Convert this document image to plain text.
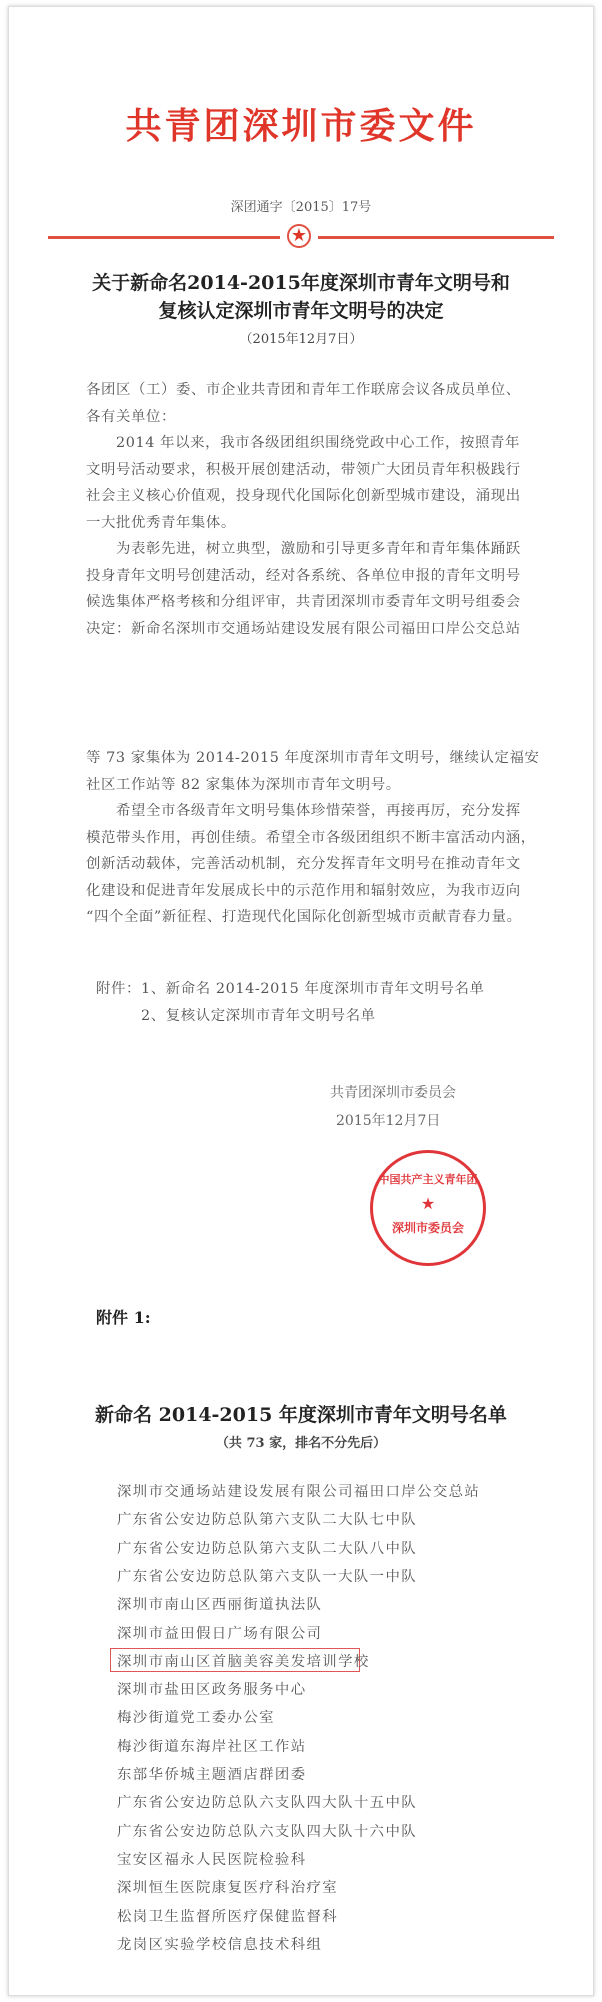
共青团深圳市委文件
深团通字〔2015〕17号
★
关于新命名2014-2015年度深圳市青年文明号和
复核认定深圳市青年文明号的决定
（2015年12月7日）
各团区（工）委、市企业共青团和青年工作联席会议各成员单位、
各有关单位：
　　2014 年以来，我市各级团组织围绕党政中心工作，按照青年
文明号活动要求，积极开展创建活动，带领广大团员青年积极践行
社会主义核心价值观，投身现代化国际化创新型城市建设，涌现出
一大批优秀青年集体。
　　为表彰先进，树立典型，激励和引导更多青年和青年集体踊跃
投身青年文明号创建活动，经对各系统、各单位申报的青年文明号
候选集体严格考核和分组评审，共青团深圳市委青年文明号组委会
决定：新命名深圳市交通场站建设发展有限公司福田口岸公交总站
等 73 家集体为 2014-2015 年度深圳市青年文明号，继续认定福安
社区工作站等 82 家集体为深圳市青年文明号。
　　希望全市各级青年文明号集体珍惜荣誉，再接再厉，充分发挥
模范带头作用，再创佳绩。希望全市各级团组织不断丰富活动内涵，
创新活动载体，完善活动机制，充分发挥青年文明号在推动青年文
化建设和促进青年发展成长中的示范作用和辐射效应，为我市迈向
“四个全面”新征程、打造现代化国际化创新型城市贡献青春力量。
附件：1、新命名 2014-2015 年度深圳市青年文明号名单
　　　2、复核认定深圳市青年文明号名单
共青团深圳市委员会
2015年12月7日
中国共产主义青年团
★
深圳市委员会
附件 1:
新命名 2014-2015 年度深圳市青年文明号名单
（共 73 家，排名不分先后）
深圳市交通场站建设发展有限公司福田口岸公交总站
广东省公安边防总队第六支队二大队七中队
广东省公安边防总队第六支队二大队八中队
广东省公安边防总队第六支队一大队一中队
深圳市南山区西丽街道执法队
深圳市益田假日广场有限公司
深圳市南山区首脑美容美发培训学校
深圳市盐田区政务服务中心
梅沙街道党工委办公室
梅沙街道东海岸社区工作站
东部华侨城主题酒店群团委
广东省公安边防总队六支队四大队十五中队
广东省公安边防总队六支队四大队十六中队
宝安区福永人民医院检验科
深圳恒生医院康复医疗科治疗室
松岗卫生监督所医疗保健监督科
龙岗区实验学校信息技术科组
